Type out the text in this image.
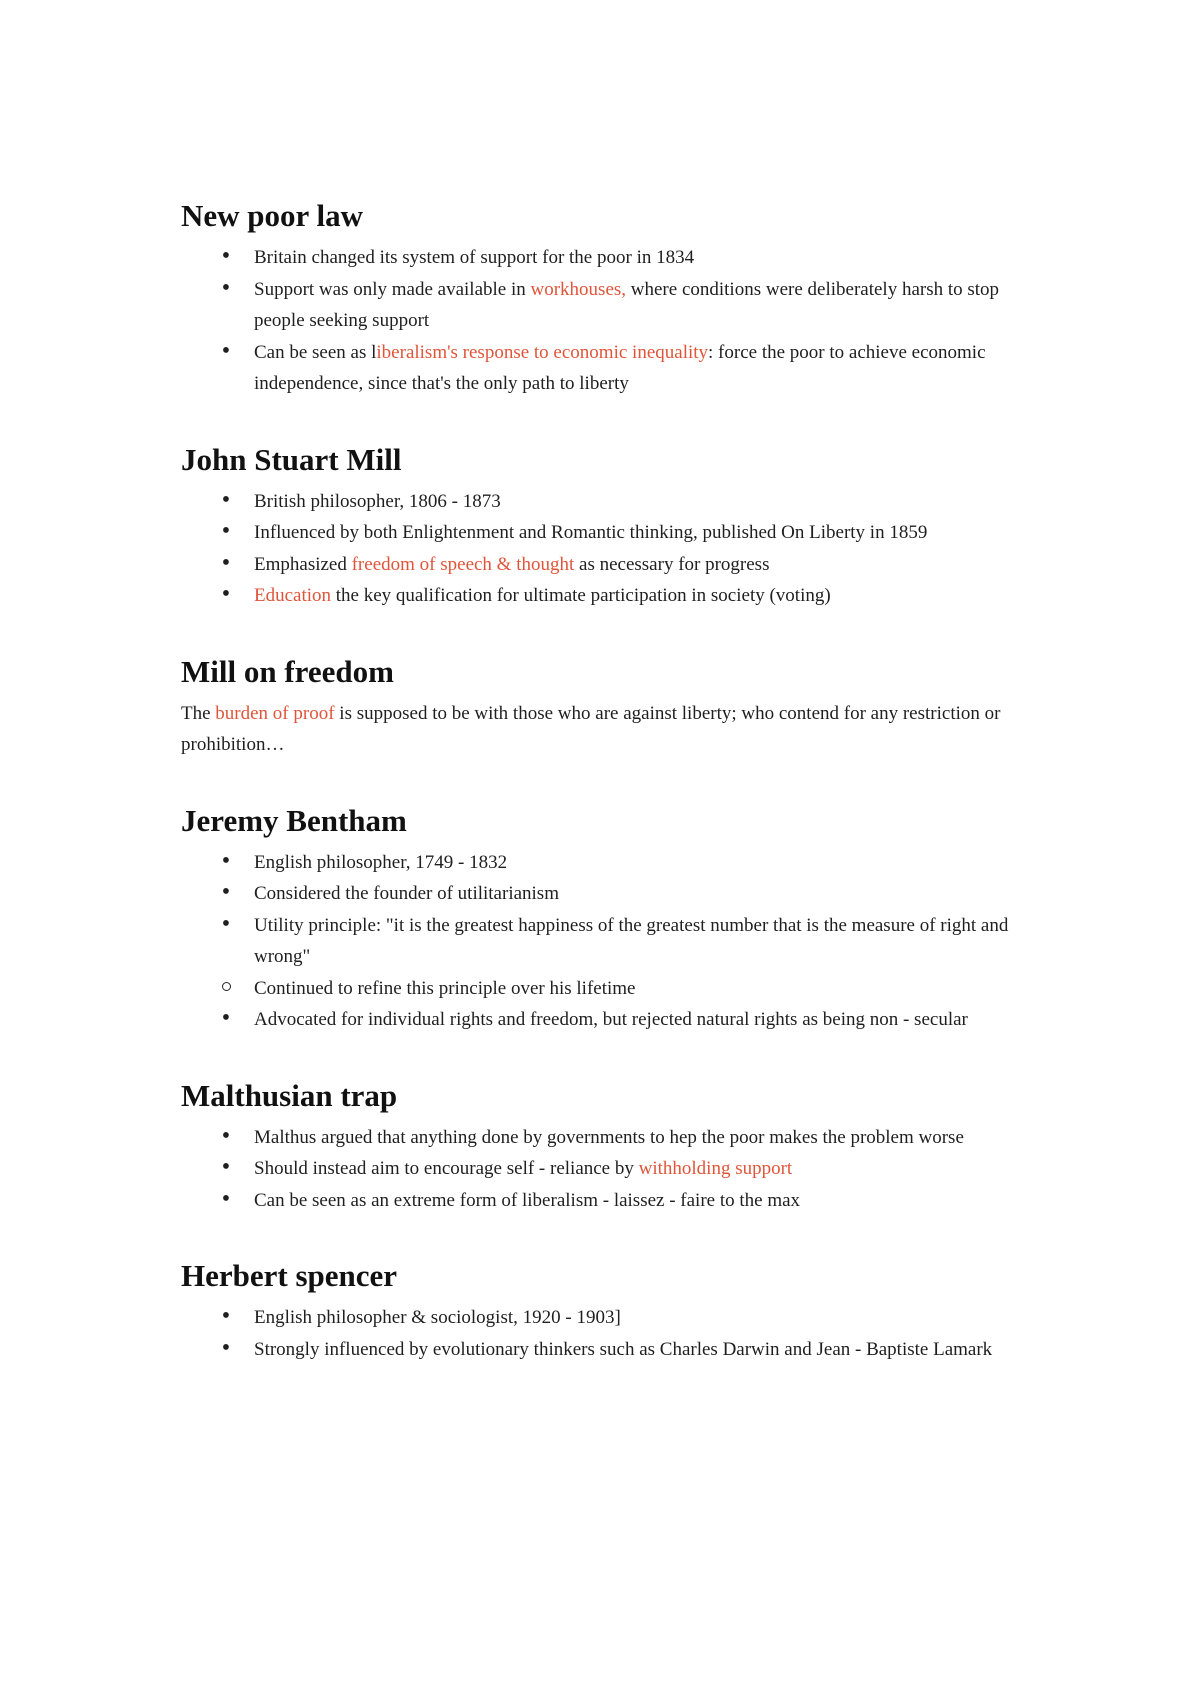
New poor law
•
Britain changed its system of support for the poor in 1834
•
Support was only made available in workhouses, where conditions were deliberately harsh to stop people seeking support
•
Can be seen as liberalism's response to economic inequality: force the poor to achieve economic independence, since that's the only path to liberty
John Stuart Mill
•
British philosopher, 1806 - 1873
•
Influenced by both Enlightenment and Romantic thinking, published On Liberty in 1859
•
Emphasized freedom of speech & thought as necessary for progress
•
Education the key qualification for ultimate participation in society (voting)
Mill on freedom

The burden of proof is supposed to be with those who are against liberty; who contend for any restriction or prohibition…

Jeremy Bentham
•
English philosopher, 1749 - 1832
•
Considered the founder of utilitarianism
•
Utility principle: "it is the greatest happiness of the greatest number that is the measure of right and wrong"
Continued to refine this principle over his lifetime
•
Advocated for individual rights and freedom, but rejected natural rights as being non - secular
Malthusian trap
•
Malthus argued that anything done by governments to hep the poor makes the problem worse
•
Should instead aim to encourage self - reliance by withholding support
•
Can be seen as an extreme form of liberalism - laissez - faire to the max
Herbert spencer
•
English philosopher & sociologist, 1920 - 1903]
•
Strongly influenced by evolutionary thinkers such as Charles Darwin and Jean - Baptiste Lamark
